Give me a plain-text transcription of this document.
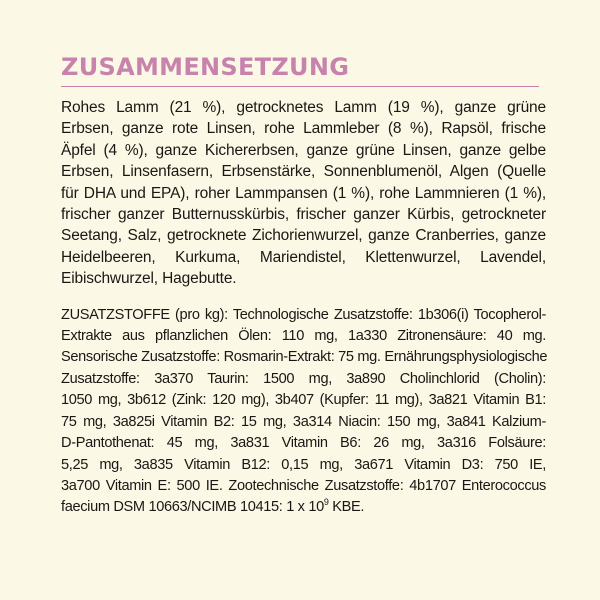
ZUSAMMENSETZUNG
Rohes Lamm (21 %), getrocknetes Lamm (19 %), ganze grüne
Erbsen, ganze rote Linsen, rohe Lammleber (8 %), Rapsöl, frische
Äpfel (4 %), ganze Kichererbsen, ganze grüne Linsen, ganze gelbe
Erbsen, Linsenfasern, Erbsenstärke, Sonnenblumenöl, Algen (Quelle
für DHA und EPA), roher Lammpansen (1 %), rohe Lammnieren (1 %),
frischer ganzer Butternusskürbis, frischer ganzer Kürbis, getrockneter
Seetang, Salz, getrocknete Zichorienwurzel, ganze Cranberries, ganze
Heidelbeeren, Kurkuma, Mariendistel, Klettenwurzel, Lavendel,
Eibischwurzel, Hagebutte.
ZUSATZSTOFFE (pro kg): Technologische Zusatzstoffe: 1b306(i) Tocopherol-
Extrakte aus pflanzlichen Ölen: 110 mg, 1a330 Zitronensäure: 40 mg.
Sensorische Zusatzstoffe: Rosmarin-Extrakt: 75 mg. Ernährungsphysiologische
Zusatzstoffe: 3a370 Taurin: 1500 mg, 3a890 Cholinchlorid (Cholin):
1050 mg, 3b612 (Zink: 120 mg), 3b407 (Kupfer: 11 mg), 3a821 Vitamin B1:
75 mg, 3a825i Vitamin B2: 15 mg, 3a314 Niacin: 150 mg, 3a841 Kalzium-
D-Pantothenat: 45 mg, 3a831 Vitamin B6: 26 mg, 3a316 Folsäure:
5,25 mg, 3a835 Vitamin B12: 0,15 mg, 3a671 Vitamin D3: 750 IE,
3a700 Vitamin E: 500 IE. Zootechnische Zusatzstoffe: 4b1707 Enterococcus
faecium DSM 10663/NCIMB 10415: 1 x $10^9$ KBE.
